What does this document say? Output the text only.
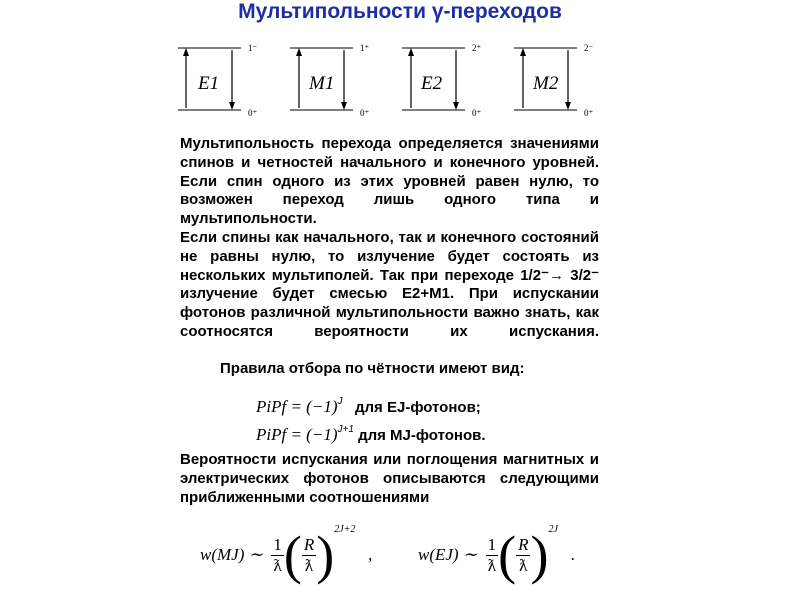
Мультипольности γ-переходов
E1
1⁻
0⁺
M1
1⁺
0⁺
E2
2⁺
0⁺
M2
2⁻
0⁺

Мультипольность перехода определяется значениями спинов и четностей начального и конечного уровней. Если спин одного из этих уровней равен нулю, то возможен переход лишь одного типа и мультипольности.

Если спины как начального, так и конечного состояний не равны нулю, то излучение будет состоять из нескольких мультиполей. Так при переходе 1/2⁻→ 3/2⁻ излучение будет смесью E2+M1. При испускании фотонов различной мультипольности важно знать, как соотносятся вероятности их испускания.

Правила отбора по чётности имеют вид:

PiPf = $(-1)^J$ для EJ-фотонов;
PiPf = $(-1)^{J+1}$ для MJ-фотонов.

Вероятности испускания или поглощения магнитных и электрических фотонов описываются следующими приближенными соотношениями

w(MJ) ∼
$\frac{1}{ƛ}$ ( $\frac{R}{ƛ}$ ) 2J+2

,	w(EJ) ∼
$\frac{1}{ƛ}$ ( $\frac{R}{ƛ}$ ) 2J

.
